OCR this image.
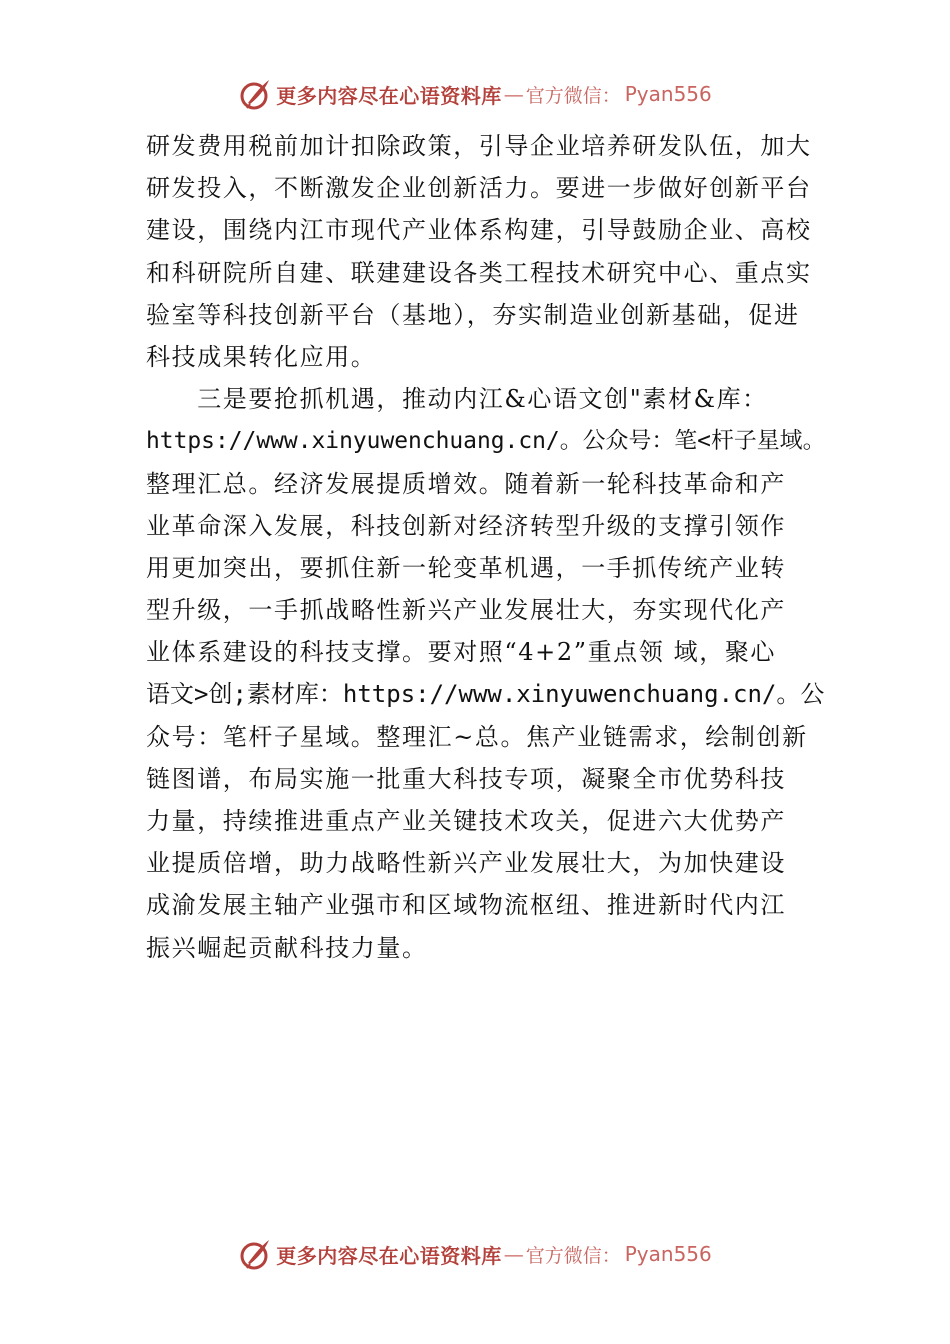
更多内容尽在心语资料库 — 官方微信： Pyan556
研发费用税前加计扣除政策，引导企业培养研发队伍，加大
研发投入，不断激发企业创新活力。要进一步做好创新平台
建设，围绕内江市现代产业体系构建，引导鼓励企业、高校
和科研院所自建、联建建设各类工程技术研究中心、重点实
验室等科技创新平台（基地），夯实制造业创新基础，促进
科技成果转化应用。
　　三是要抢抓机遇，推动内江&心语文创"素材&库：
https://www.xinyuwenchuang.cn/。公众号：笔<杆子星域。
整理汇总。经济发展提质增效。随着新一轮科技革命和产
业革命深入发展，科技创新对经济转型升级的支撑引领作
用更加突出，要抓住新一轮变革机遇，一手抓传统产业转
型升级，一手抓战略性新兴产业发展壮大，夯实现代化产
业体系建设的科技支撑。要对照“4+2”重点领 域，聚心
语文>创;素材库：https://www.xinyuwenchuang.cn/。公
众号：笔杆子星域。整理汇~总。焦产业链需求，绘制创新
链图谱，布局实施一批重大科技专项，凝聚全市优势科技
力量，持续推进重点产业关键技术攻关，促进六大优势产
业提质倍增，助力战略性新兴产业发展壮大，为加快建设
成渝发展主轴产业强市和区域物流枢纽、推进新时代内江
振兴崛起贡献科技力量。
更多内容尽在心语资料库 — 官方微信： Pyan556
